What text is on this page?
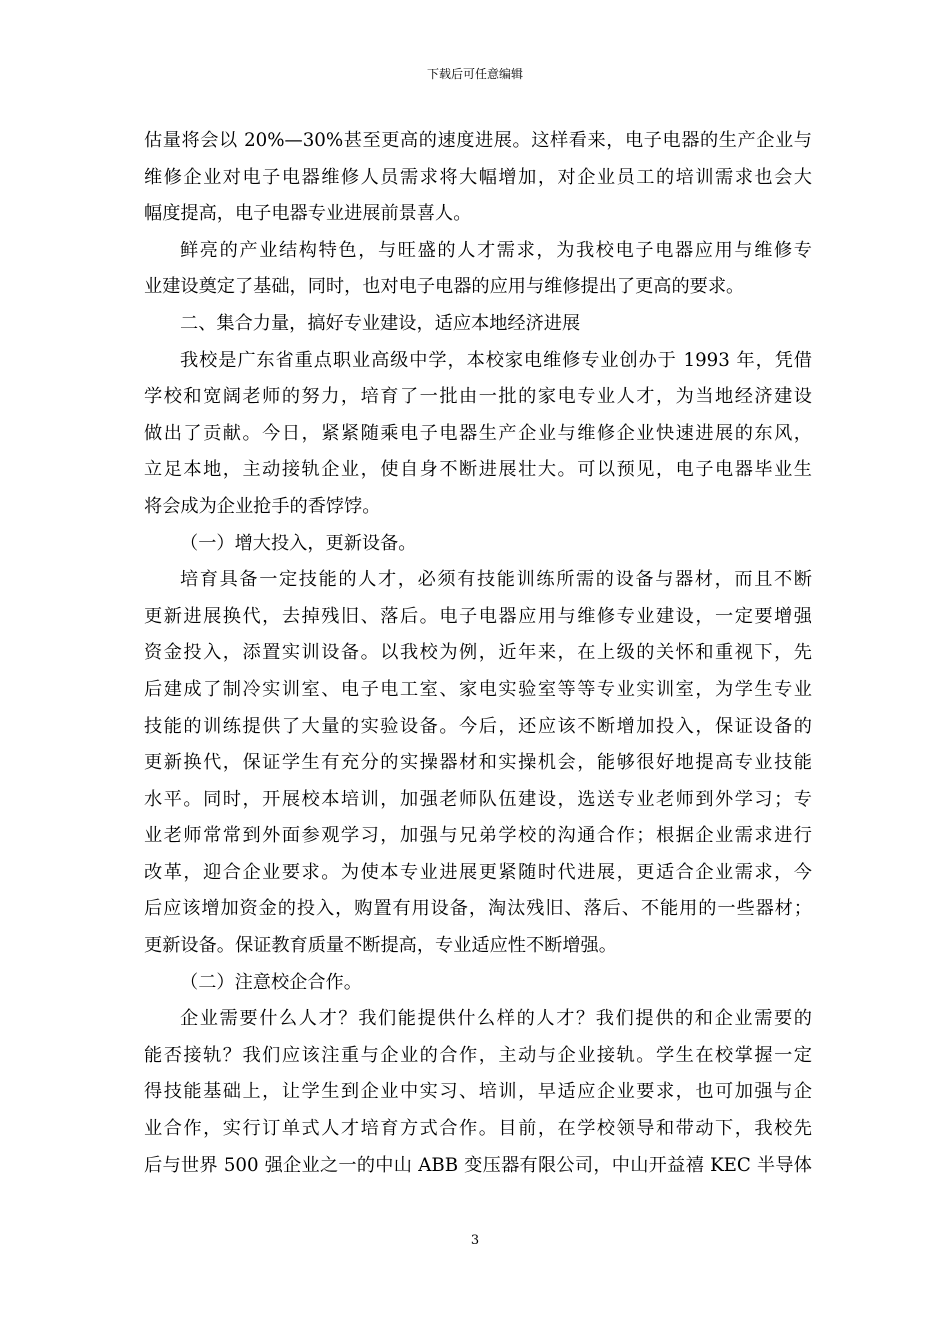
下载后可任意编辑
估量将会以 20%—30%甚至更高的速度进展。这样看来，电子电器的生产企业与
维修企业对电子电器维修人员需求将大幅增加，对企业员工的培训需求也会大
幅度提高，电子电器专业进展前景喜人。
鲜亮的产业结构特色，与旺盛的人才需求，为我校电子电器应用与维修专
业建设奠定了基础，同时，也对电子电器的应用与维修提出了更高的要求。
二、集合力量，搞好专业建设，适应本地经济进展
我校是广东省重点职业高级中学，本校家电维修专业创办于 1993 年，凭借
学校和宽阔老师的努力，培育了一批由一批的家电专业人才，为当地经济建设
做出了贡献。今日，紧紧随乘电子电器生产企业与维修企业快速进展的东风，
立足本地，主动接轨企业，使自身不断进展壮大。可以预见，电子电器毕业生
将会成为企业抢手的香饽饽。
（一）增大投入，更新设备。
培育具备一定技能的人才，必须有技能训练所需的设备与器材，而且不断
更新进展换代，去掉残旧、落后。电子电器应用与维修专业建设，一定要增强
资金投入，添置实训设备。以我校为例，近年来，在上级的关怀和重视下，先
后建成了制冷实训室、电子电工室、家电实验室等等专业实训室，为学生专业
技能的训练提供了大量的实验设备。今后，还应该不断增加投入，保证设备的
更新换代，保证学生有充分的实操器材和实操机会，能够很好地提高专业技能
水平。同时，开展校本培训，加强老师队伍建设，选送专业老师到外学习；专
业老师常常到外面参观学习，加强与兄弟学校的沟通合作；根据企业需求进行
改革，迎合企业要求。为使本专业进展更紧随时代进展，更适合企业需求，今
后应该增加资金的投入，购置有用设备，淘汰残旧、落后、不能用的一些器材；
更新设备。保证教育质量不断提高，专业适应性不断增强。
（二）注意校企合作。
企业需要什么人才？我们能提供什么样的人才？我们提供的和企业需要的
能否接轨？我们应该注重与企业的合作，主动与企业接轨。学生在校掌握一定
得技能基础上，让学生到企业中实习、培训，早适应企业要求，也可加强与企
业合作，实行订单式人才培育方式合作。目前，在学校领导和带动下，我校先
后与世界 500 强企业之一的中山 ABB 变压器有限公司，中山开益禧 KEC 半导体
3
